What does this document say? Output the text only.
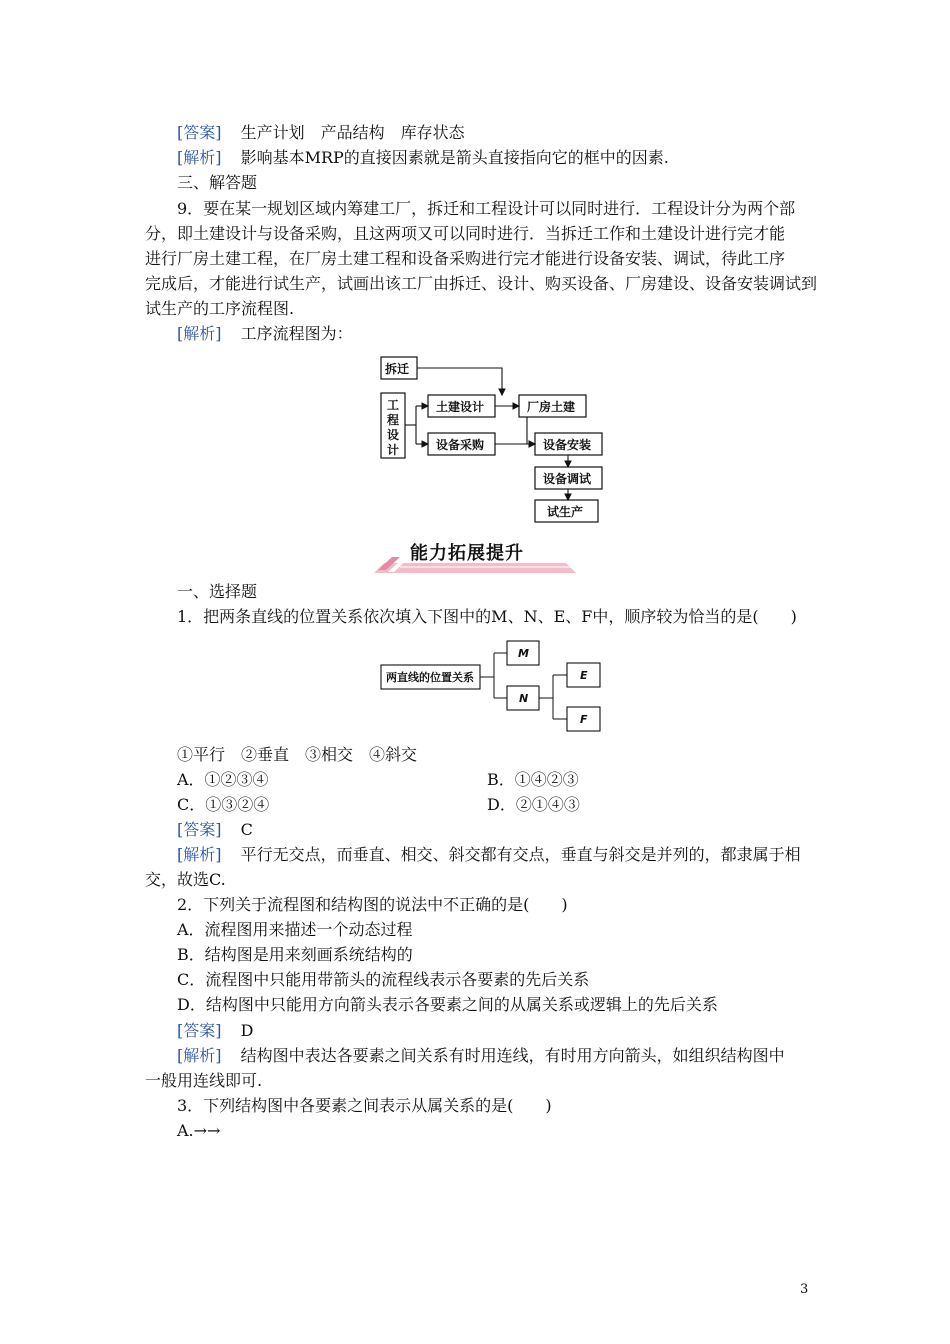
[答案] 生产计划　产品结构　库存状态
[解析] 影响基本MRP的直接因素就是箭头直接指向它的框中的因素.
三、解答题
9．要在某一规划区域内筹建工厂，拆迁和工程设计可以同时进行．工程设计分为两个部
分，即土建设计与设备采购，且这两项又可以同时进行．当拆迁工作和土建设计进行完才能
进行厂房土建工程，在厂房土建工程和设备采购进行完才能进行设备安装、调试，待此工序
完成后，才能进行试生产，试画出该工厂由拆迁、设计、购买设备、厂房建设、设备安装调试到
试生产的工序流程图.
[解析] 工序流程图为：
拆迁
工
程
设
计
土建设计
设备采购
厂房土建
设备安装
设备调试
试生产
能力拓展提升
一、选择题
1．把两条直线的位置关系依次填入下图中的M、N、E、F中，顺序较为恰当的是(　　)
两直线的位置关系
M
N
E
F
①平行　②垂直　③相交　④斜交
A．①②③④	B．①④②③
C．①③②④	D．②①④③
[答案] C
[解析] 平行无交点，而垂直、相交、斜交都有交点，垂直与斜交是并列的，都隶属于相
交，故选C.
2．下列关于流程图和结构图的说法中不正确的是(　　)
A．流程图用来描述一个动态过程
B．结构图是用来刻画系统结构的
C．流程图中只能用带箭头的流程线表示各要素的先后关系
D．结构图中只能用方向箭头表示各要素之间的从属关系或逻辑上的先后关系
[答案] D
[解析] 结构图中表达各要素之间关系有时用连线，有时用方向箭头，如组织结构图中
一般用连线即可.
3．下列结构图中各要素之间表示从属关系的是(　　)
A.→→
3
